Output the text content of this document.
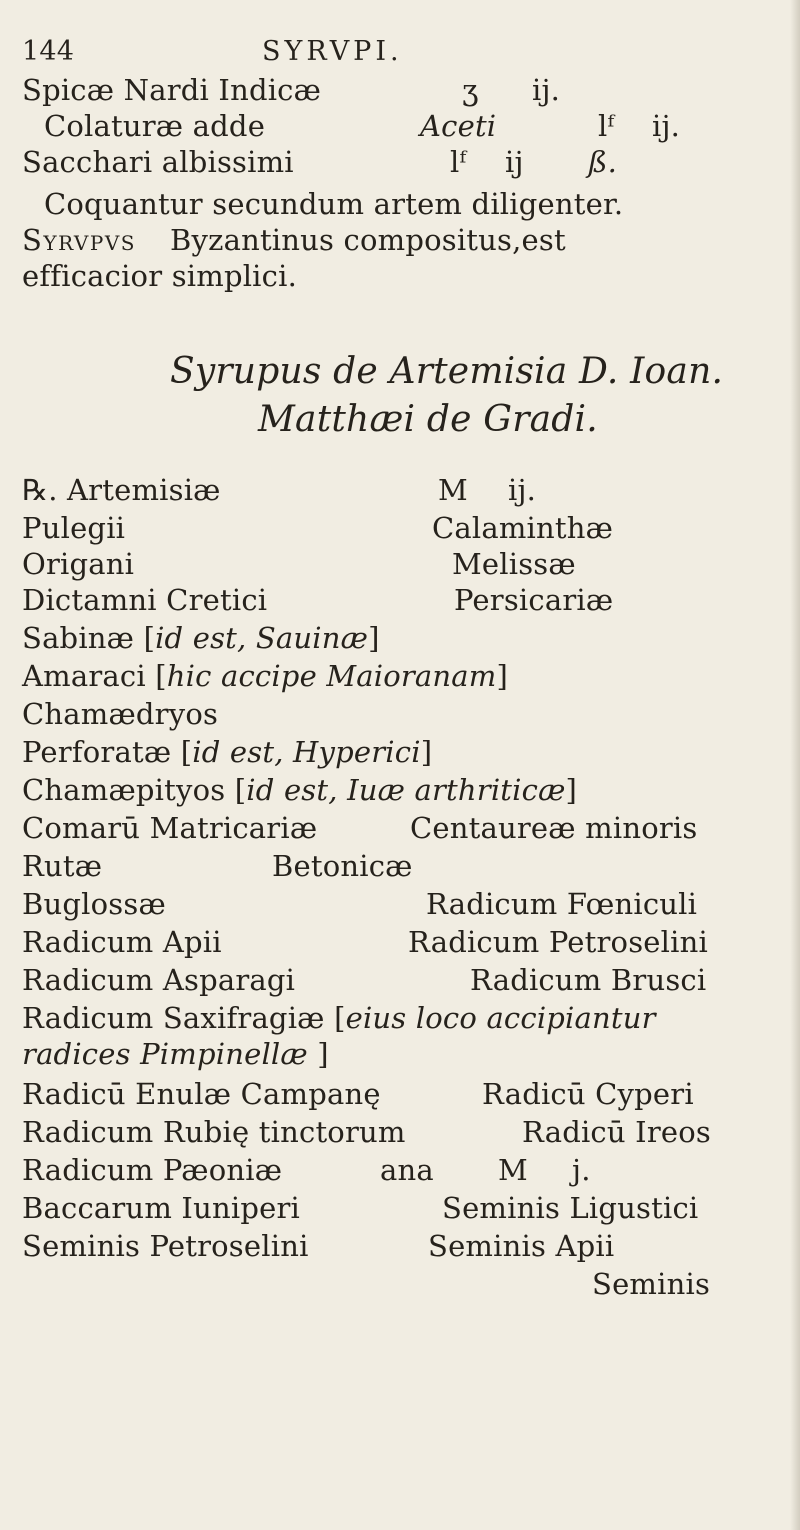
144	SYRVPI.
Spicæ Nardi Indicæ	ʒ ij.
Colaturæ adde	Aceti	lᶠ ij.
Sacchari albissimi	lᶠ ij ß.
Coquantur secundum artem diligenter.
Syrvpvs Byzantinus compositus,est
efficacior simplici.
Syrupus de Artemisia D. Ioan.
Matthæi de Gradi.
℞. Artemisiæ	M ij.
Pulegii	Calaminthæ
Origani	Melissæ
Dictamni Cretici	Persicariæ
Sabinæ [id est, Sauinæ]
Amaraci [hic accipe Maioranam]
Chamædryos
Perforatæ [id est, Hyperici]
Chamæpityos [id est, Iuæ arthriticæ]
Comarū Matricariæ	Centaureæ minoris
Rutæ	Betonicæ
Buglossæ	Radicum Fœniculi
Radicum Apii	Radicum Petroselini
Radicum Asparagi	Radicum Brusci
Radicum Saxifragiæ [eius loco accipiantur
radices Pimpinellæ ]
Radicū Enulæ Campanę	Radicū Cyperi
Radicum Rubię tinctorum	Radicū Ireos
Radicum Pæoniæ	ana M j.
Baccarum Iuniperi	Seminis Ligustici
Seminis Petroselini	Seminis Apii
Seminis
